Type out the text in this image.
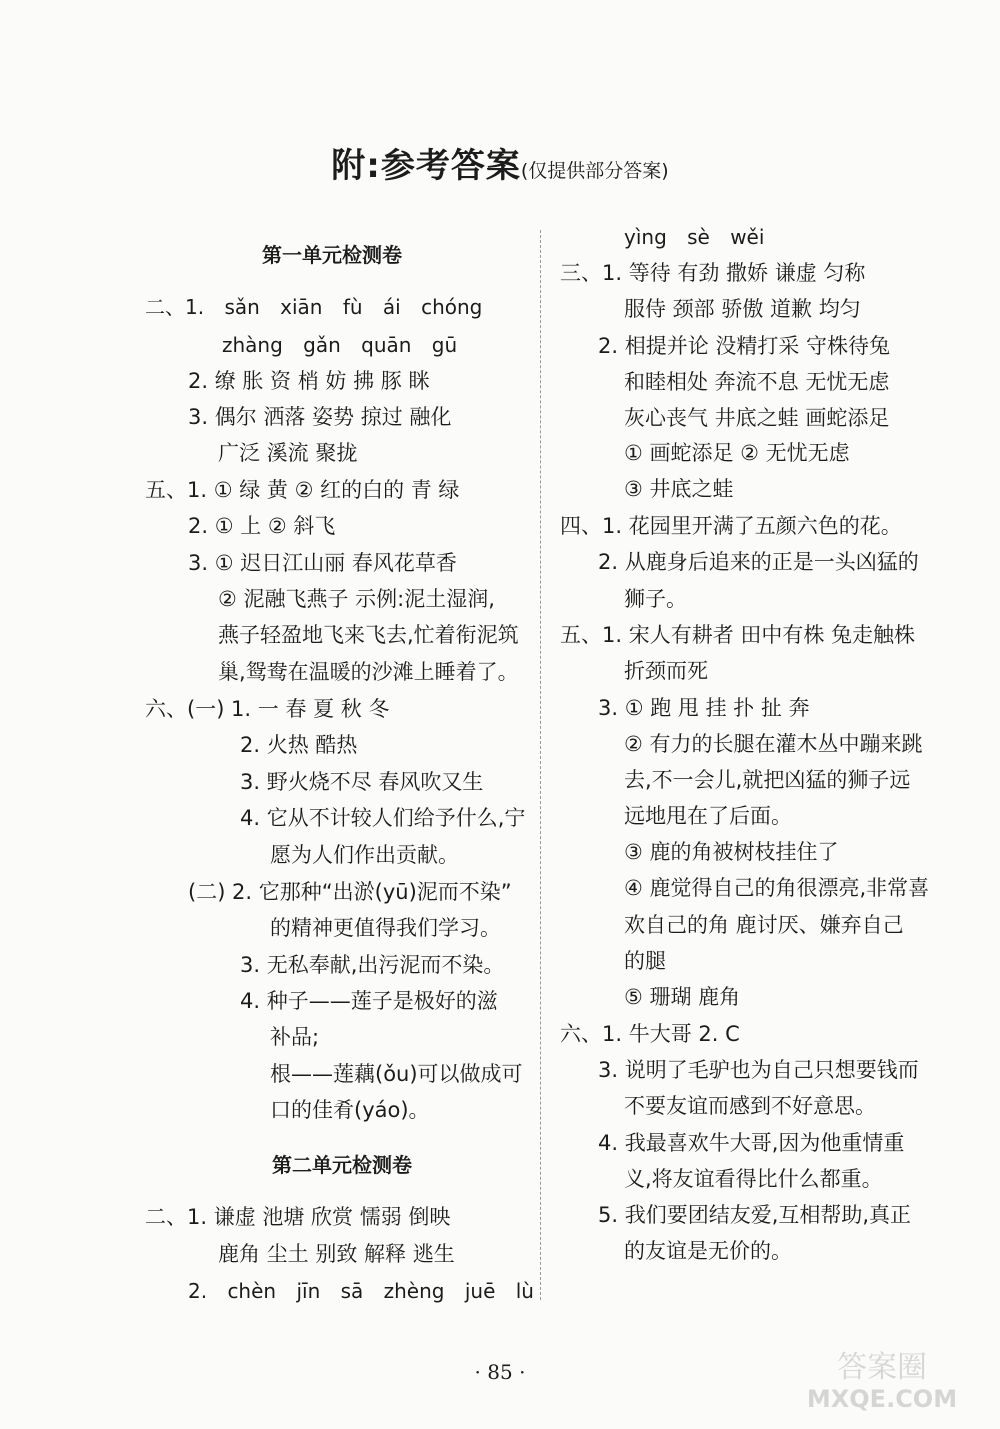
附:参考答案(仅提供部分答案)
第一单元检测卷
二、1. sǎn xiān fù ái chóng
zhàng gǎn quān gū
2. 缭 胀 资 梢 妨 拂 豚 眯
3. 偶尔 洒落 姿势 掠过 融化
广泛 溪流 聚拢
五、1. ① 绿 黄 ② 红的白的 青 绿
2. ① 上 ② 斜飞
3. ① 迟日江山丽 春风花草香
② 泥融飞燕子 示例:泥土湿润,
燕子轻盈地飞来飞去,忙着衔泥筑
巢,鸳鸯在温暖的沙滩上睡着了。
六、(一) 1. 一 春 夏 秋 冬
2. 火热 酷热
3. 野火烧不尽 春风吹又生
4. 它从不计较人们给予什么,宁
愿为人们作出贡献。
(二) 2. 它那种“出淤(yū)泥而不染”
的精神更值得我们学习。
3. 无私奉献,出污泥而不染。
4. 种子——莲子是极好的滋
补品;
根——莲藕(ǒu)可以做成可
口的佳肴(yáo)。
第二单元检测卷
二、1. 谦虚 池塘 欣赏 懦弱 倒映
鹿角 尘土 别致 解释 逃生
2. chèn jīn sā zhèng juē lù
yìng sè wěi
三、1. 等待 有劲 撒娇 谦虚 匀称
服侍 颈部 骄傲 道歉 均匀
2. 相提并论 没精打采 守株待兔
和睦相处 奔流不息 无忧无虑
灰心丧气 井底之蛙 画蛇添足
① 画蛇添足 ② 无忧无虑
③ 井底之蛙
四、1. 花园里开满了五颜六色的花。
2. 从鹿身后追来的正是一头凶猛的
狮子。
五、1. 宋人有耕者 田中有株 兔走触株
折颈而死
3. ① 跑 甩 挂 扑 扯 奔
② 有力的长腿在灌木丛中蹦来跳
去,不一会儿,就把凶猛的狮子远
远地甩在了后面。
③ 鹿的角被树枝挂住了
④ 鹿觉得自己的角很漂亮,非常喜
欢自己的角 鹿讨厌、嫌弃自己
的腿
⑤ 珊瑚 鹿角
六、1. 牛大哥 2. C
3. 说明了毛驴也为自己只想要钱而
不要友谊而感到不好意思。
4. 我最喜欢牛大哥,因为他重情重
义,将友谊看得比什么都重。
5. 我们要团结友爱,互相帮助,真正
的友谊是无价的。
· 85 ·	答案圈
MXQE.COM
